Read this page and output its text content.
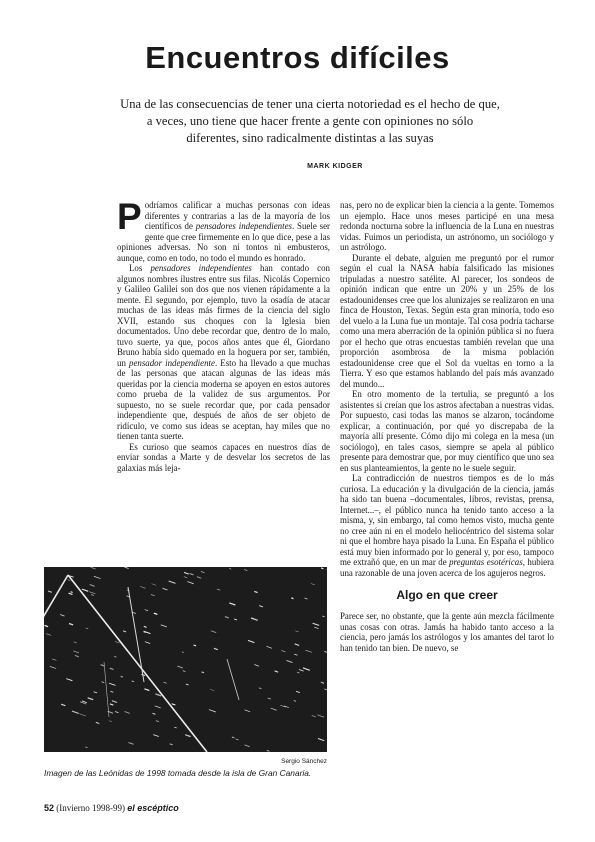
Encuentros difíciles

Una de las consecuencias de tener una cierta notoriedad es el hecho de que, a veces, uno tiene que hacer frente a gente con opiniones no sólo diferentes, sino radicalmente distintas a las suyas

MARK KIDGER

Podríamos calificar a muchas personas con ideas diferentes y contrarias a las de la mayoría de los científicos de pensadores independientes. Suele ser gente que cree firmemente en lo que dice, pese a las opiniones adversas. No son ni tontos ni embusteros, aunque, como en todo, no todo el mundo es honrado.

Los pensadores independientes han contado con algunos nombres ilustres entre sus filas. Nicolás Copernico y Galileo Galilei son dos que nos vienen rápidamente a la mente. El segundo, por ejemplo, tuvo la osadía de atacar muchas de las ideas más firmes de la ciencia del siglo XVII, estando sus choques con la Iglesia bien documentados. Uno debe recordar que, dentro de lo malo, tuvo suerte, ya que, pocos años antes que él, Giordano Bruno había sido quemado en la hoguera por ser, también, un pensador independiente. Esto ha llevado a que muchas de las personas que atacan algunas de las ideas más queridas por la ciencia moderna se apoyen en estos autores como prueba de la validez de sus argumentos. Por supuesto, no se suele recordar que, por cada pensador independiente que, después de años de ser objeto de ridículo, ve como sus ideas se aceptan, hay miles que no tienen tanta suerte.

Es curioso que seamos capaces en nuestros días de enviar sondas a Marte y de desvelar los secretos de las galaxias más leja-

nas, pero no de explicar bien la ciencia a la gente. Tomemos un ejemplo. Hace unos meses participé en una mesa redonda nocturna sobre la influencia de la Luna en nuestras vidas. Fuimos un periodista, un astrónomo, un sociólogo y un astrólogo.

Durante el debate, alguien me preguntó por el rumor según el cual la NASA había falsificado las misiones tripuladas a nuestro satélite. Al parecer, los sondeos de opinión indican que entre un 20% y un 25% de los estadounidenses cree que los alunizajes se realizaron en una finca de Houston, Texas. Según esta gran minoría, todo eso del vuelo a la Luna fue un montaje. Tal cosa podría tacharse como una mera aberración de la opinión pública si no fuera por el hecho que otras encuestas también revelan que una proporción asombrosa de la misma población estadounidense cree que el Sol da vueltas en torno a la Tierra. Y eso que estamos hablando del país más avanzado del mundo...

En otro momento de la tertulia, se preguntó a los asistentes si creían que los astros afectaban a nuestras vidas. Por supuesto, casi todas las manos se alzaron, tocándome explicar, a continuación, por qué yo discrepaba de la mayoría allí presente. Cómo dijo mi colega en la mesa (un sociólogo), en tales casos, siempre se apela al público presente para demostrar que, por muy científico que uno sea en sus planteamientos, la gente no le suele seguir.

La contradicción de nuestros tiempos es de lo más curiosa. La educación y la divulgación de la ciencia, jamás ha sido tan buena –documentales, libros, revistas, prensa, Internet...–, el público nunca ha tenido tanto acceso a la misma, y, sin embargo, tal como hemos visto, mucha gente no cree aún ni en el modelo heliocéntrico del sistema solar ni que el hombre haya pisado la Luna. En España el público está muy bien informado por lo general y, por eso, tampoco me extrañó que, en un mar de preguntas esotéricas, hubiera una razonable de una joven acerca de los agujeros negros.

Algo en que creer

Parece ser, no obstante, que la gente aún mezcla fácilmente unas cosas con otras. Jamás ha habido tanto acceso a la ciencia, pero jamás los astrólogos y los amantes del tarot lo han tenido tan bien. De nuevo, se

Sergio Sánchez

Imagen de las Leónidas de 1998 tomada desde la isla de Gran Canaria.

52 (Invierno 1998-99) el escéptico
